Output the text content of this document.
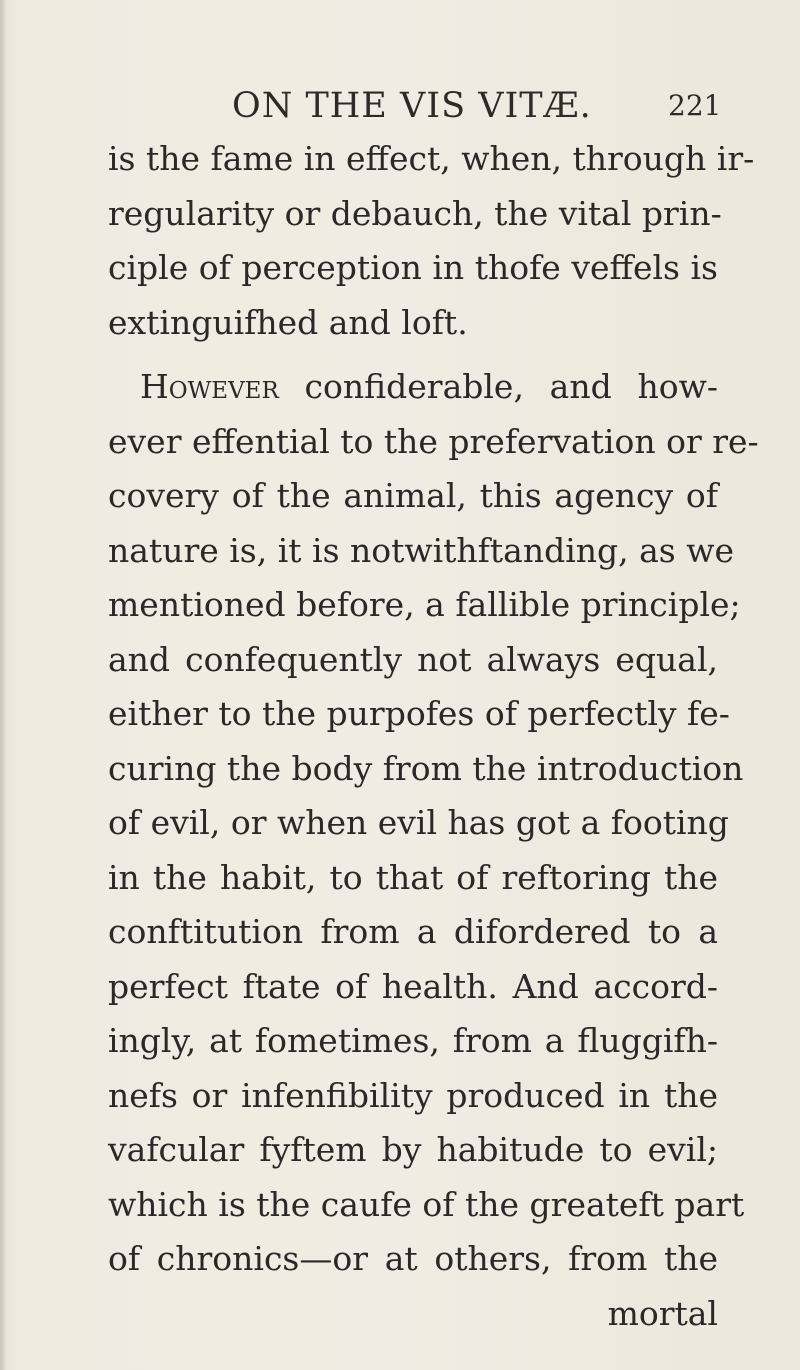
ON THE VIS VITÆ.	221
is the fame in effect, when, through ir-
regularity or debauch, the vital prin-
ciple of perception in thofe veffels is
extinguifhed and loft.
However confiderable, and how-
ever effential to the prefervation or re-
covery of the animal, this agency of
nature is, it is notwithftanding, as we
mentioned before, a fallible principle;
and confequently not always equal,
either to the purpofes of perfectly fe-
curing the body from the introduction
of evil, or when evil has got a footing
in the habit, to that of reftoring the
conftitution from a difordered to a
perfect ftate of health. And accord-
ingly, at fometimes, from a fluggifh-
nefs or infenfibility produced in the
vafcular fyftem by habitude to evil;
which is the caufe of the greateft part
of chronics—or at others, from the
mortal
